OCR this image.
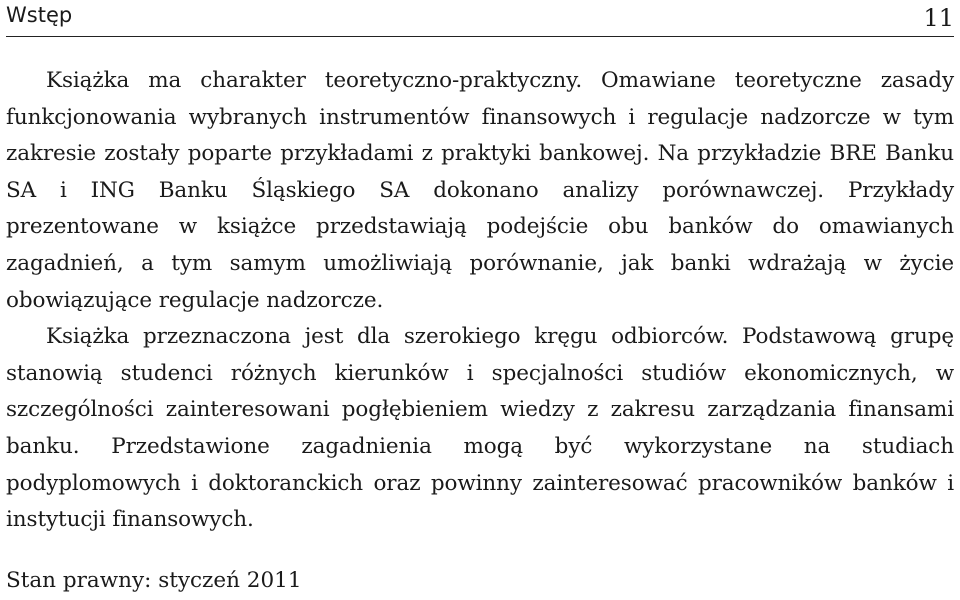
Wstęp	11

Książka ma charakter teoretyczno-praktyczny. Omawiane teoretyczne zasady funkcjonowania wybranych instrumentów finansowych i regulacje nadzorcze w tym zakresie zostały poparte przykładami z praktyki bankowej. Na przykładzie BRE Banku SA i ING Banku Śląskiego SA dokonano analizy porównawczej. Przykłady prezentowane w książce przedstawiają podejście obu banków do omawianych zagadnień, a tym samym umożliwiają porównanie, jak banki wdrażają w życie obowiązujące regulacje nadzorcze.

Książka przeznaczona jest dla szerokiego kręgu odbiorców. Podstawową grupę stanowią studenci różnych kierunków i specjalności studiów ekonomicznych, w szczególności zainteresowani pogłębieniem wiedzy z zakresu zarządzania finansami banku. Przedstawione zagadnienia mogą być wykorzystane na studiach podyplomowych i doktoranckich oraz powinny zainteresować pracowników banków i instytucji finansowych.

Stan prawny: styczeń 2011
